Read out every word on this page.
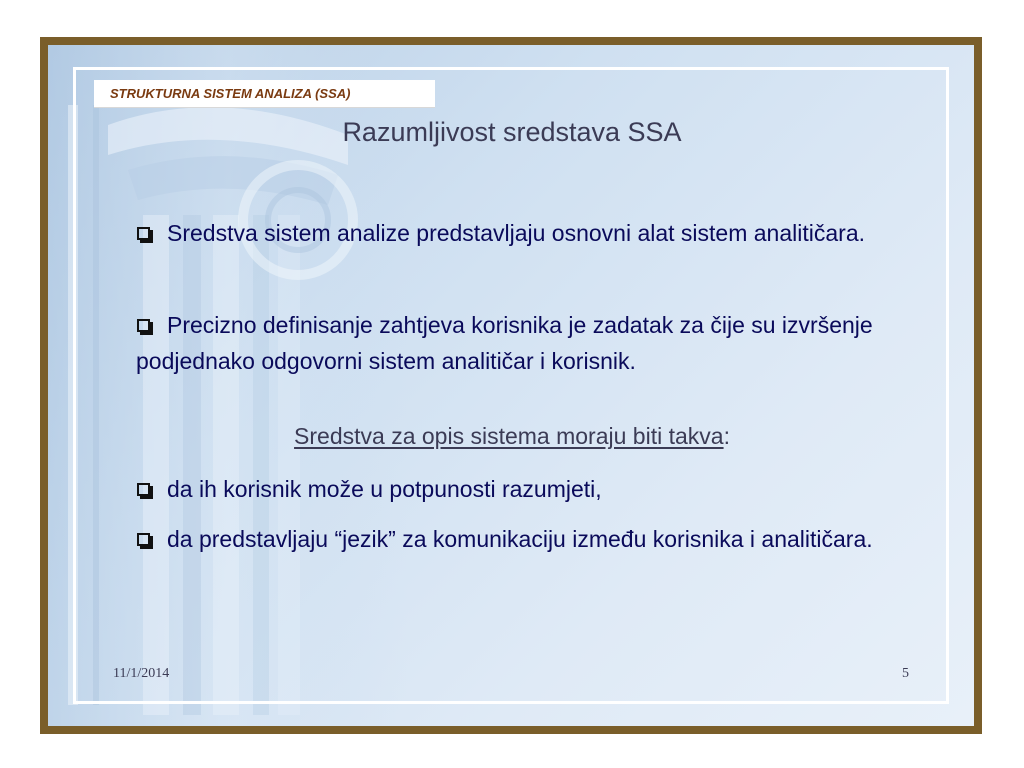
STRUKTURNA SISTEM ANALIZA (SSA)
Razumljivost sredstava SSA
Sredstva sistem analize predstavljaju osnovni alat sistem analitičara.
Precizno definisanje zahtjeva korisnika je zadatak za čije su izvršenje podjednako odgovorni sistem analitičar i korisnik.
Sredstva za opis sistema moraju biti takva:
da ih korisnik može u potpunosti razumjeti,
da predstavljaju “jezik” za komunikaciju između korisnika i analitičara.
11/1/2014	5
